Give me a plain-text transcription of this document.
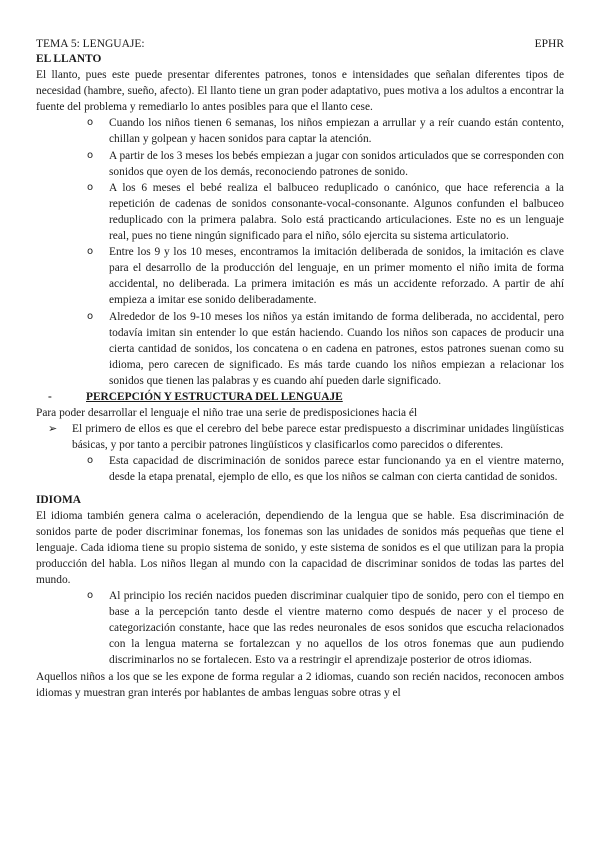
TEMA 5: LENGUAJE:	EPHR

EL LLANTO

El llanto, pues este puede presentar diferentes patrones, tonos e intensidades que señalan diferentes tipos de necesidad (hambre, sueño, afecto). El llanto tiene un gran poder adaptativo, pues motiva a los adultos a encontrar la fuente del problema y remediarlo lo antes posibles para que el llanto cese.

o Cuando los niños tienen 6 semanas, los niños empiezan a arrullar y a reír cuando están contento, chillan y golpean y hacen sonidos para captar la atención.
o A partir de los 3 meses los bebés empiezan a jugar con sonidos articulados que se corresponden con sonidos que oyen de los demás, reconociendo patrones de sonido.
o A los 6 meses el bebé realiza el balbuceo reduplicado o canónico, que hace referencia a la repetición de cadenas de sonidos consonante-vocal-consonante. Algunos confunden el balbuceo reduplicado con la primera palabra. Solo está practicando articulaciones. Este no es un lenguaje real, pues no tiene ningún significado para el niño, sólo ejercita su sistema articulatorio.
o Entre los 9 y los 10 meses, encontramos la imitación deliberada de sonidos, la imitación es clave para el desarrollo de la producción del lenguaje, en un primer momento el niño imita de forma accidental, no deliberada. La primera imitación es más un accidente reforzado. A partir de ahí empieza a imitar ese sonido deliberadamente.
o Alrededor de los 9-10 meses los niños ya están imitando de forma deliberada, no accidental, pero todavía imitan sin entender lo que están haciendo. Cuando los niños son capaces de producir una cierta cantidad de sonidos, los concatena o en cadena en patrones, estos patrones suenan como su idioma, pero carecen de significado. Es más tarde cuando los niños empiezan a relacionar los sonidos que tienen las palabras y es cuando ahí pueden darle significado.

-	PERCEPCIÓN Y ESTRUCTURA DEL LENGUAJE

Para poder desarrollar el lenguaje el niño trae una serie de predisposiciones hacia él

➢ El primero de ellos es que el cerebro del bebe parece estar predispuesto a discriminar unidades lingüísticas básicas, y por tanto a percibir patrones lingüísticos y clasificarlos como parecidos o diferentes.
o Esta capacidad de discriminación de sonidos parece estar funcionando ya en el vientre materno, desde la etapa prenatal, ejemplo de ello, es que los niños se calman con cierta cantidad de sonidos.

IDIOMA

El idioma también genera calma o aceleración, dependiendo de la lengua que se hable. Esa discriminación de sonidos parte de poder discriminar fonemas, los fonemas son las unidades de sonidos más pequeñas que tiene el lenguaje. Cada idioma tiene su propio sistema de sonido, y este sistema de sonidos es el que utilizan para la propia producción del habla. Los niños llegan al mundo con la capacidad de discriminar sonidos de todas las partes del mundo.

o Al principio los recién nacidos pueden discriminar cualquier tipo de sonido, pero con el tiempo en base a la percepción tanto desde el vientre materno como después de nacer y el proceso de categorización constante, hace que las redes neuronales de esos sonidos que escucha relacionados con la lengua materna se fortalezcan y no aquellos de los otros fonemas que aun pudiendo discriminarlos no se fortalecen. Esto va a restringir el aprendizaje posterior de otros idiomas.

Aquellos niños a los que se les expone de forma regular a 2 idiomas, cuando son recién nacidos, reconocen ambos idiomas y muestran gran interés por hablantes de ambas lenguas sobre otras y el
